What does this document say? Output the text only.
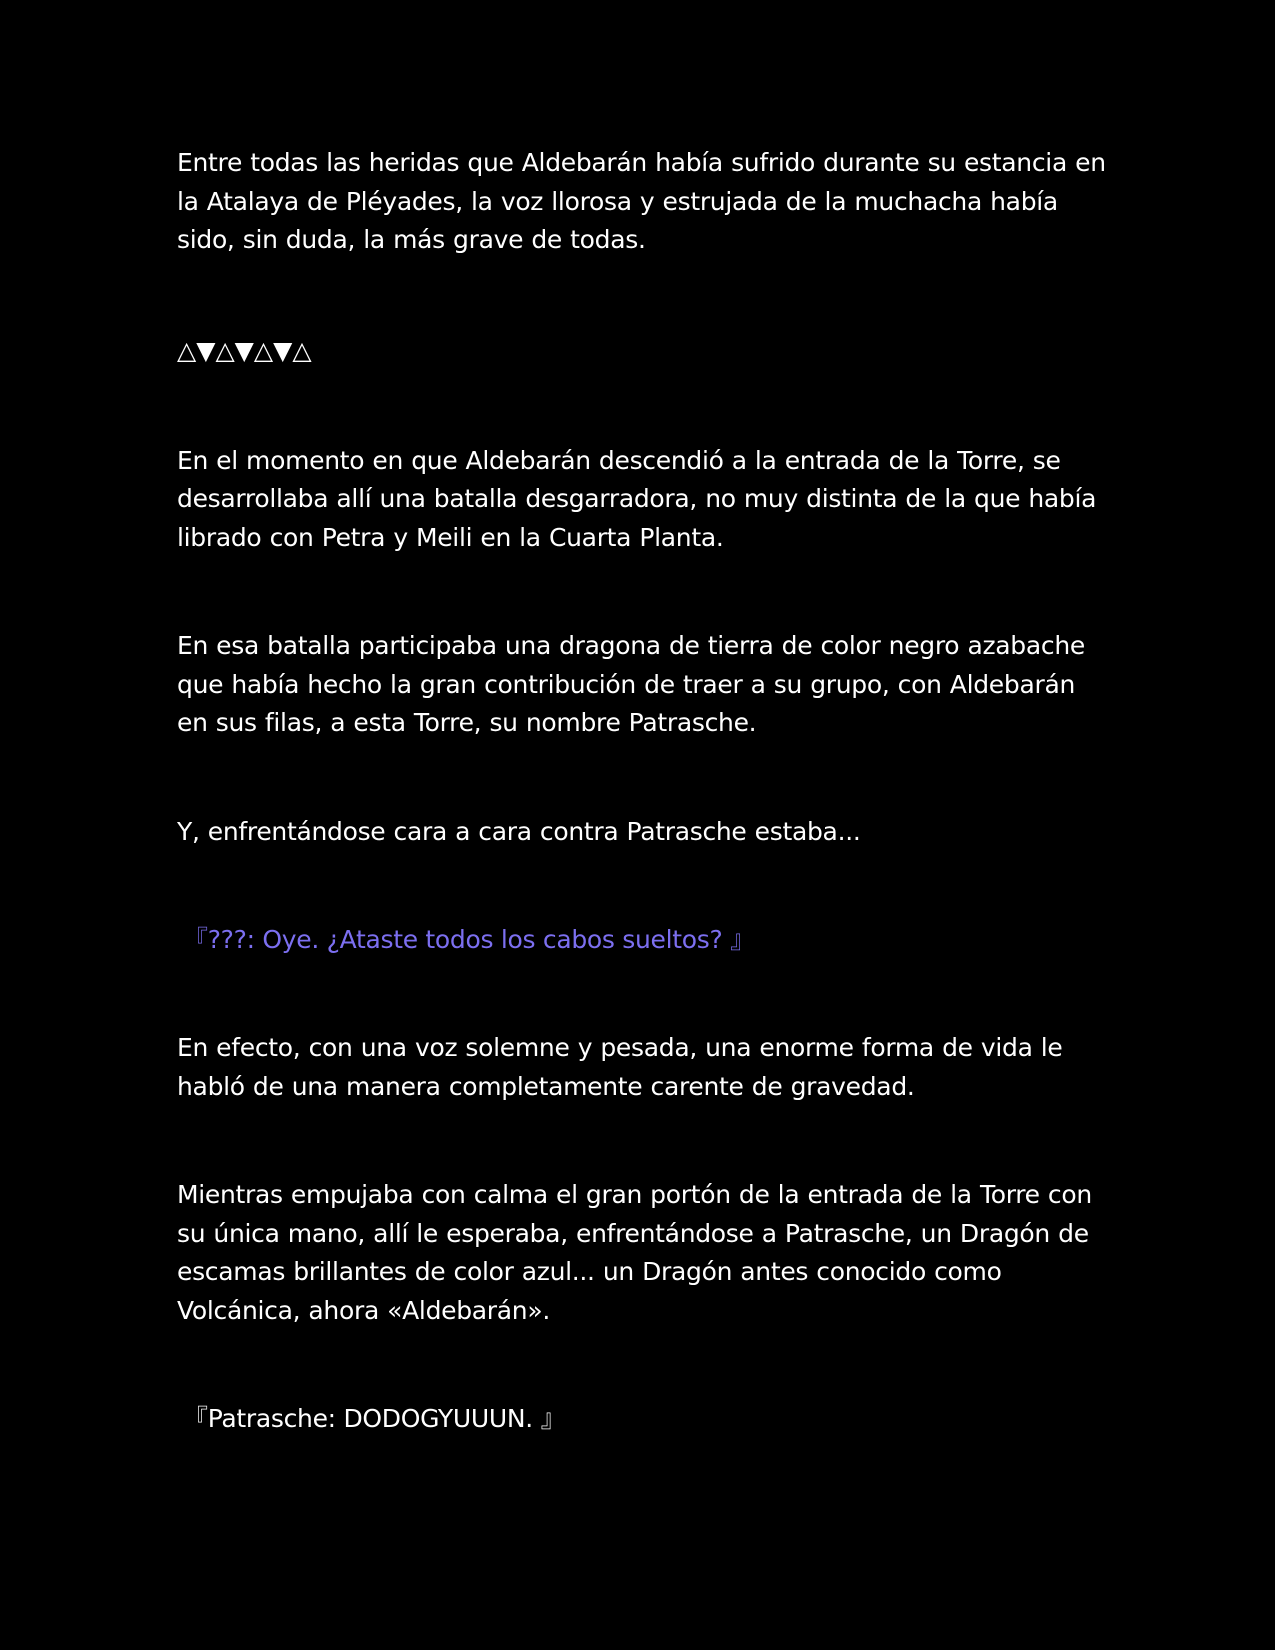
Entre todas las heridas que Aldebarán había sufrido durante su estancia en la Atalaya de Pléyades, la voz llorosa y estrujada de la muchacha había sido, sin duda, la más grave de todas.

△▼△▼△▼△

En el momento en que Aldebarán descendió a la entrada de la Torre, se desarrollaba allí una batalla desgarradora, no muy distinta de la que había librado con Petra y Meili en la Cuarta Planta.

En esa batalla participaba una dragona de tierra de color negro azabache que había hecho la gran contribución de traer a su grupo, con Aldebarán en sus filas, a esta Torre, su nombre Patrasche.

Y, enfrentándose cara a cara contra Patrasche estaba...

『???: Oye. ¿Ataste todos los cabos sueltos? 』

En efecto, con una voz solemne y pesada, una enorme forma de vida le habló de una manera completamente carente de gravedad.

Mientras empujaba con calma el gran portón de la entrada de la Torre con su única mano, allí le esperaba, enfrentándose a Patrasche, un Dragón de escamas brillantes de color azul... un Dragón antes conocido como Volcánica, ahora «Aldebarán».

『Patrasche: DODOGYUUUN. 』
